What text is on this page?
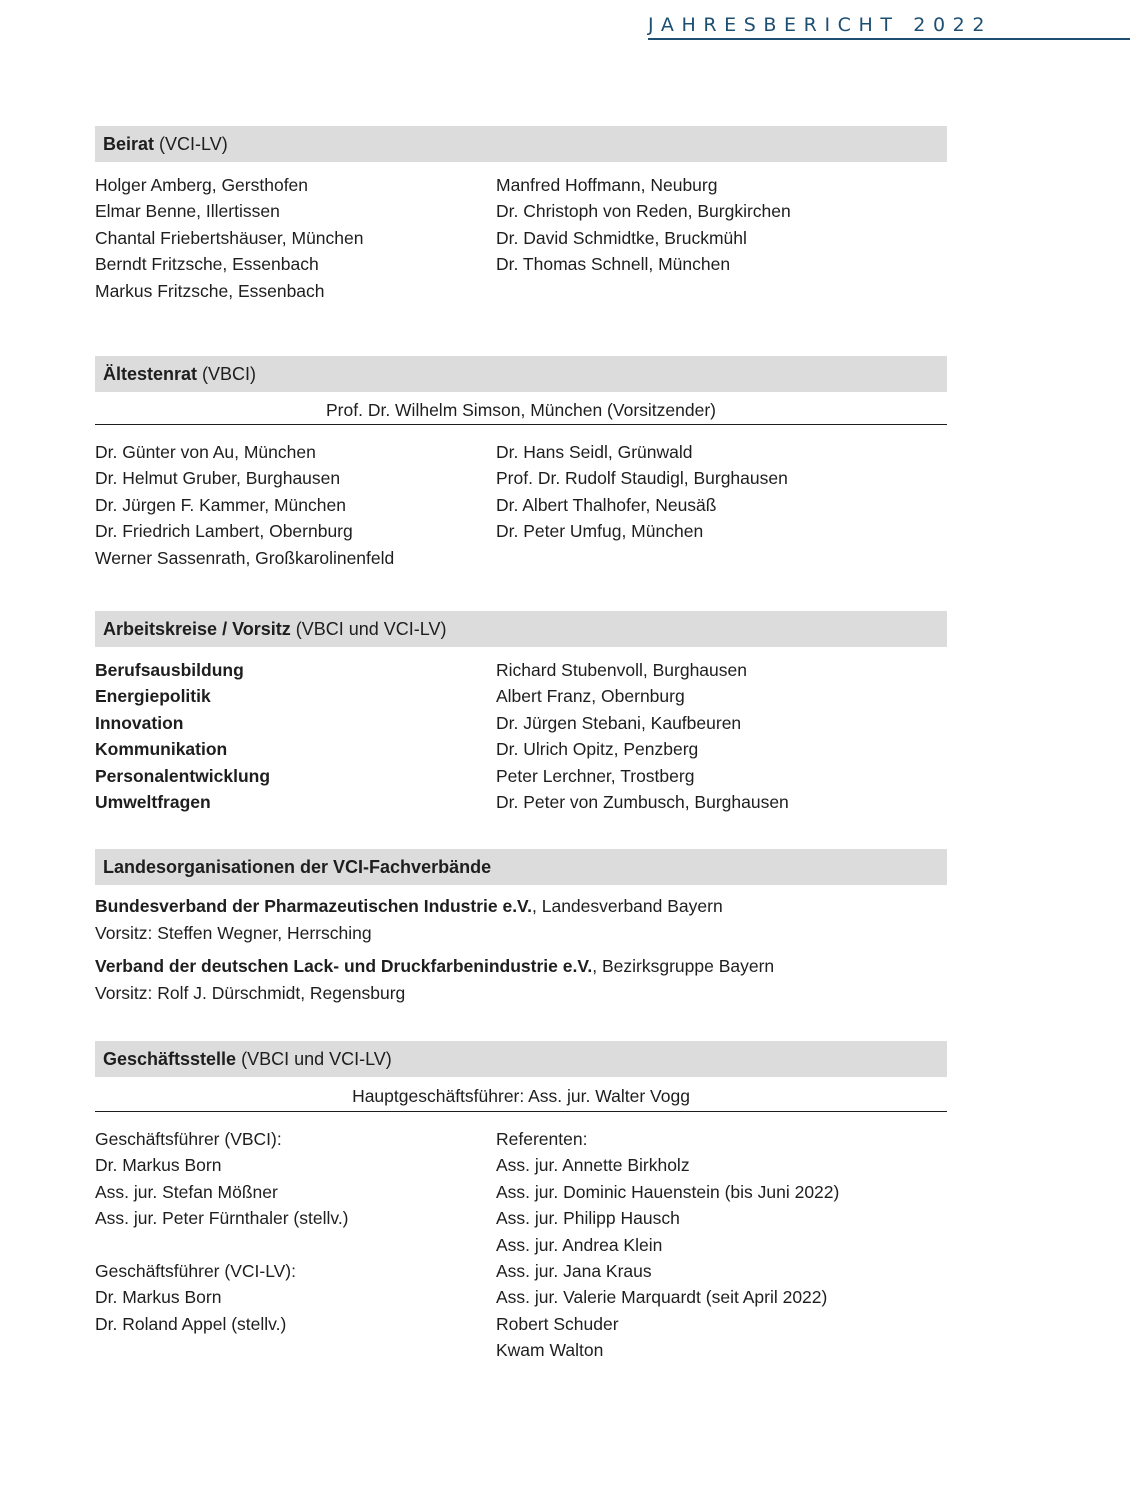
JAHRESBERICHT 2022
Beirat (VCI-LV)
Holger Amberg, Gersthofen
Elmar Benne, Illertissen
Chantal Friebertshäuser, München
Berndt Fritzsche, Essenbach
Markus Fritzsche, Essenbach
Manfred Hoffmann, Neuburg
Dr. Christoph von Reden, Burgkirchen
Dr. David Schmidtke, Bruckmühl
Dr. Thomas Schnell, München
Ältestenrat (VBCI)
Prof. Dr. Wilhelm Simson, München (Vorsitzender)
Dr. Günter von Au, München
Dr. Helmut Gruber, Burghausen
Dr. Jürgen F. Kammer, München
Dr. Friedrich Lambert, Obernburg
Werner Sassenrath, Großkarolinenfeld
Dr. Hans Seidl, Grünwald
Prof. Dr. Rudolf Staudigl, Burghausen
Dr. Albert Thalhofer, Neusäß
Dr. Peter Umfug, München
Arbeitskreise / Vorsitz (VBCI und VCI-LV)
Berufsausbildung
Energiepolitik
Innovation
Kommunikation
Personalentwicklung
Umweltfragen
Richard Stubenvoll, Burghausen
Albert Franz, Obernburg
Dr. Jürgen Stebani, Kaufbeuren
Dr. Ulrich Opitz, Penzberg
Peter Lerchner, Trostberg
Dr. Peter von Zumbusch, Burghausen
Landesorganisationen der VCI-Fachverbände
Bundesverband der Pharmazeutischen Industrie e.V., Landesverband Bayern
Vorsitz: Steffen Wegner, Herrsching
Verband der deutschen Lack- und Druckfarbenindustrie e.V., Bezirksgruppe Bayern
Vorsitz: Rolf J. Dürschmidt, Regensburg
Geschäftsstelle (VBCI und VCI-LV)
Hauptgeschäftsführer: Ass. jur. Walter Vogg
Geschäftsführer (VBCI):
Dr. Markus Born
Ass. jur. Stefan Mößner
Ass. jur. Peter Fürnthaler (stellv.)
Geschäftsführer (VCI-LV):
Dr. Markus Born
Dr. Roland Appel (stellv.)
Referenten:
Ass. jur. Annette Birkholz
Ass. jur. Dominic Hauenstein (bis Juni 2022)
Ass. jur. Philipp Hausch
Ass. jur. Andrea Klein
Ass. jur. Jana Kraus
Ass. jur. Valerie Marquardt (seit April 2022)
Robert Schuder
Kwam Walton
